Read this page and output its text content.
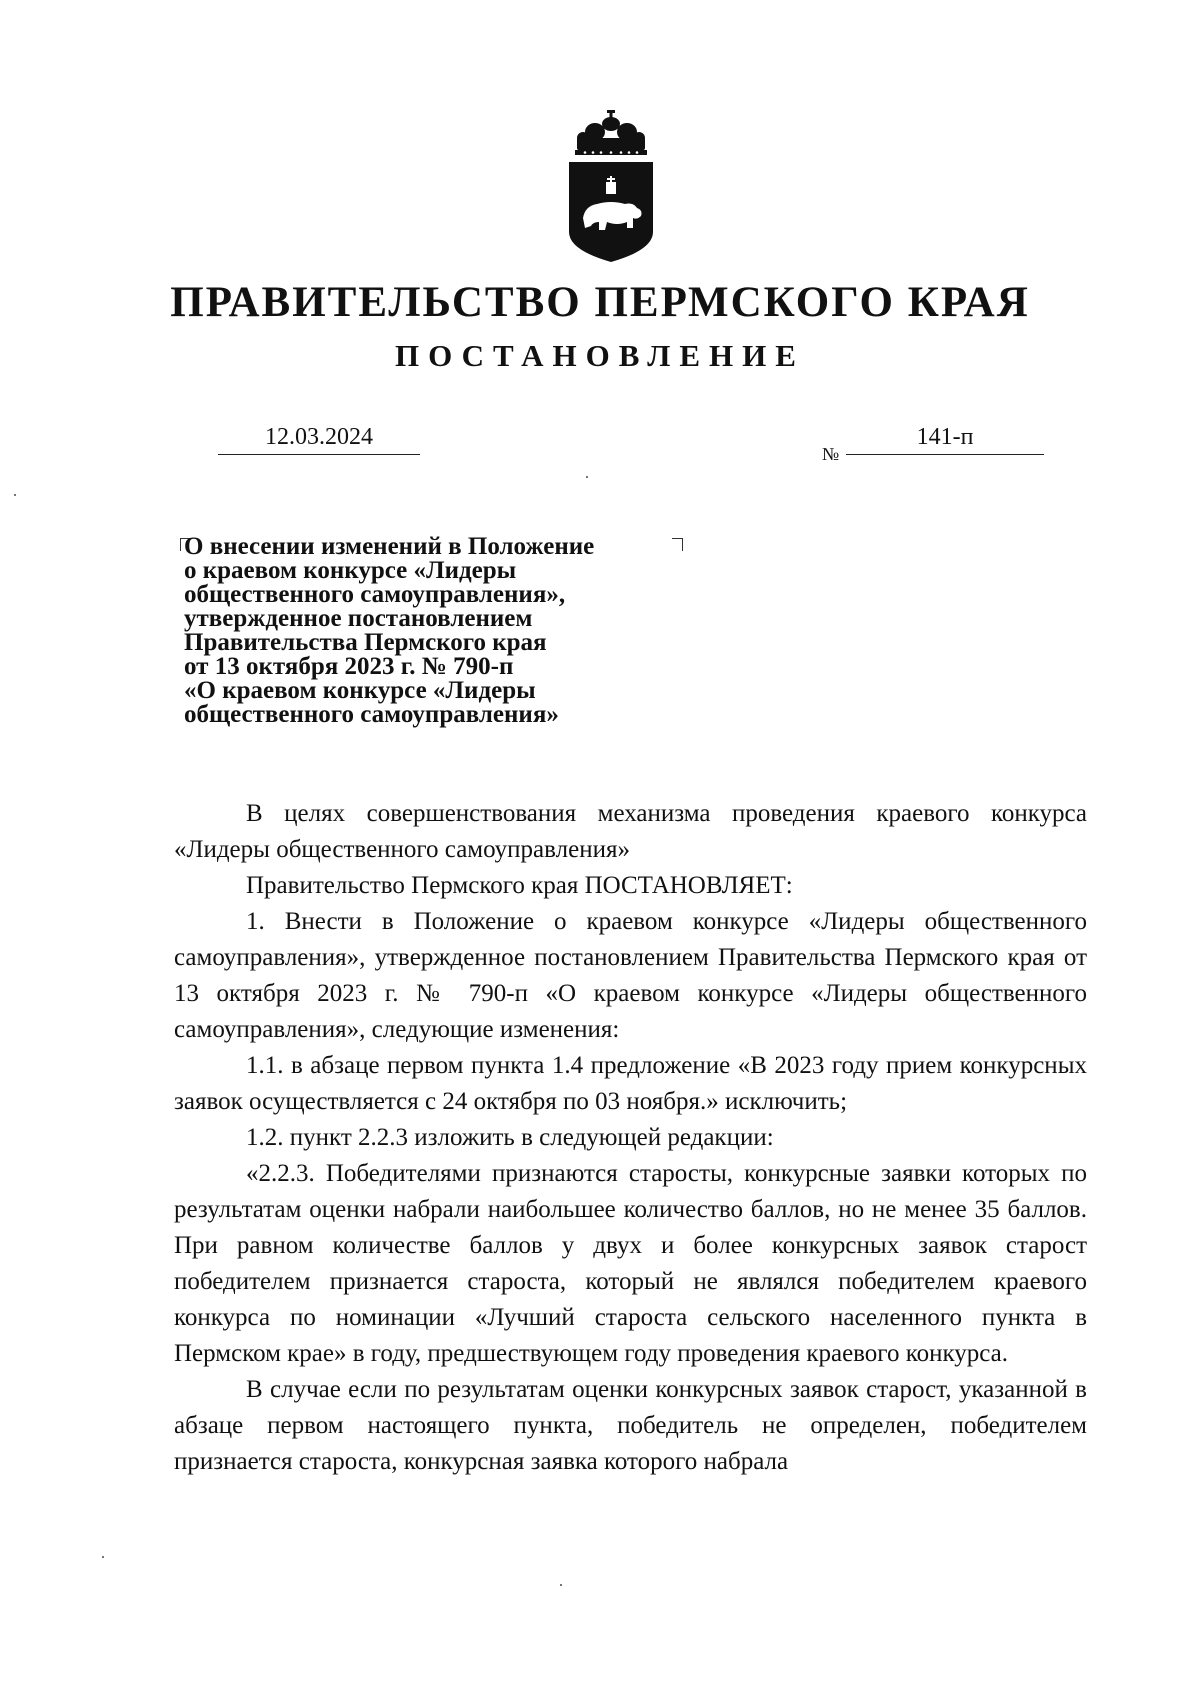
ПРАВИТЕЛЬСТВО ПЕРМСКОГО КРАЯ
ПОСТАНОВЛЕНИЕ
12.03.2024
№
141-п
О внесении изменений в Положение
о краевом конкурсе «Лидеры
общественного самоуправления»,
утвержденное постановлением
Правительства Пермского края
от 13 октября 2023 г. № 790-п
«О краевом конкурсе «Лидеры
общественного самоуправления»

В целях совершенствования механизма проведения краевого конкурса «Лидеры общественного самоуправления»

Правительство Пермского края ПОСТАНОВЛЯЕТ:

1. Внести в Положение о краевом конкурсе «Лидеры общественного самоуправления», утвержденное постановлением Правительства Пермского края от 13 октября 2023 г. № 790-п «О краевом конкурсе «Лидеры общественного самоуправления», следующие изменения:

1.1. в абзаце первом пункта 1.4 предложение «В 2023 году прием конкурсных заявок осуществляется с 24 октября по 03 ноября.» исключить;

1.2. пункт 2.2.3 изложить в следующей редакции:

«2.2.3. Победителями признаются старосты, конкурсные заявки которых по результатам оценки набрали наибольшее количество баллов, но не менее 35 баллов. При равном количестве баллов у двух и более конкурсных заявок старост победителем признается староста, который не являлся победителем краевого конкурса по номинации «Лучший староста сельского населенного пункта в Пермском крае» в году, предшествующем году проведения краевого конкурса.

В случае если по результатам оценки конкурсных заявок старост, указанной в абзаце первом настоящего пункта, победитель не определен, победителем признается староста, конкурсная заявка которого набрала
